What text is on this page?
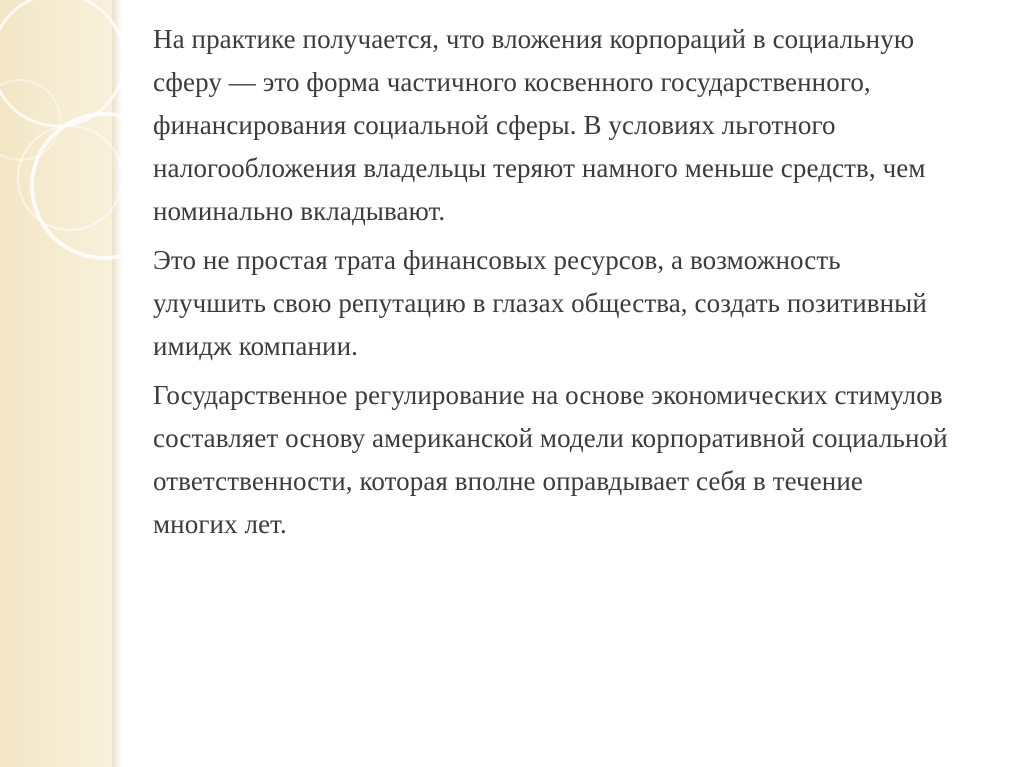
На практике получается, что вложения корпораций в социальную сферу — это форма частичного косвенного государственного, финансирования социальной сферы. В условиях льготного налогообложения владельцы теряют намного меньше средств, чем номинально вкладывают.

Это не простая трата финансовых ресурсов, а возможность улучшить свою репутацию в глазах общества, создать позитивный имидж компании.

Государственное регулирование на основе экономических стимулов составляет основу американской модели корпоративной социальной ответственности, которая вполне оправдывает себя в течение многих лет.
